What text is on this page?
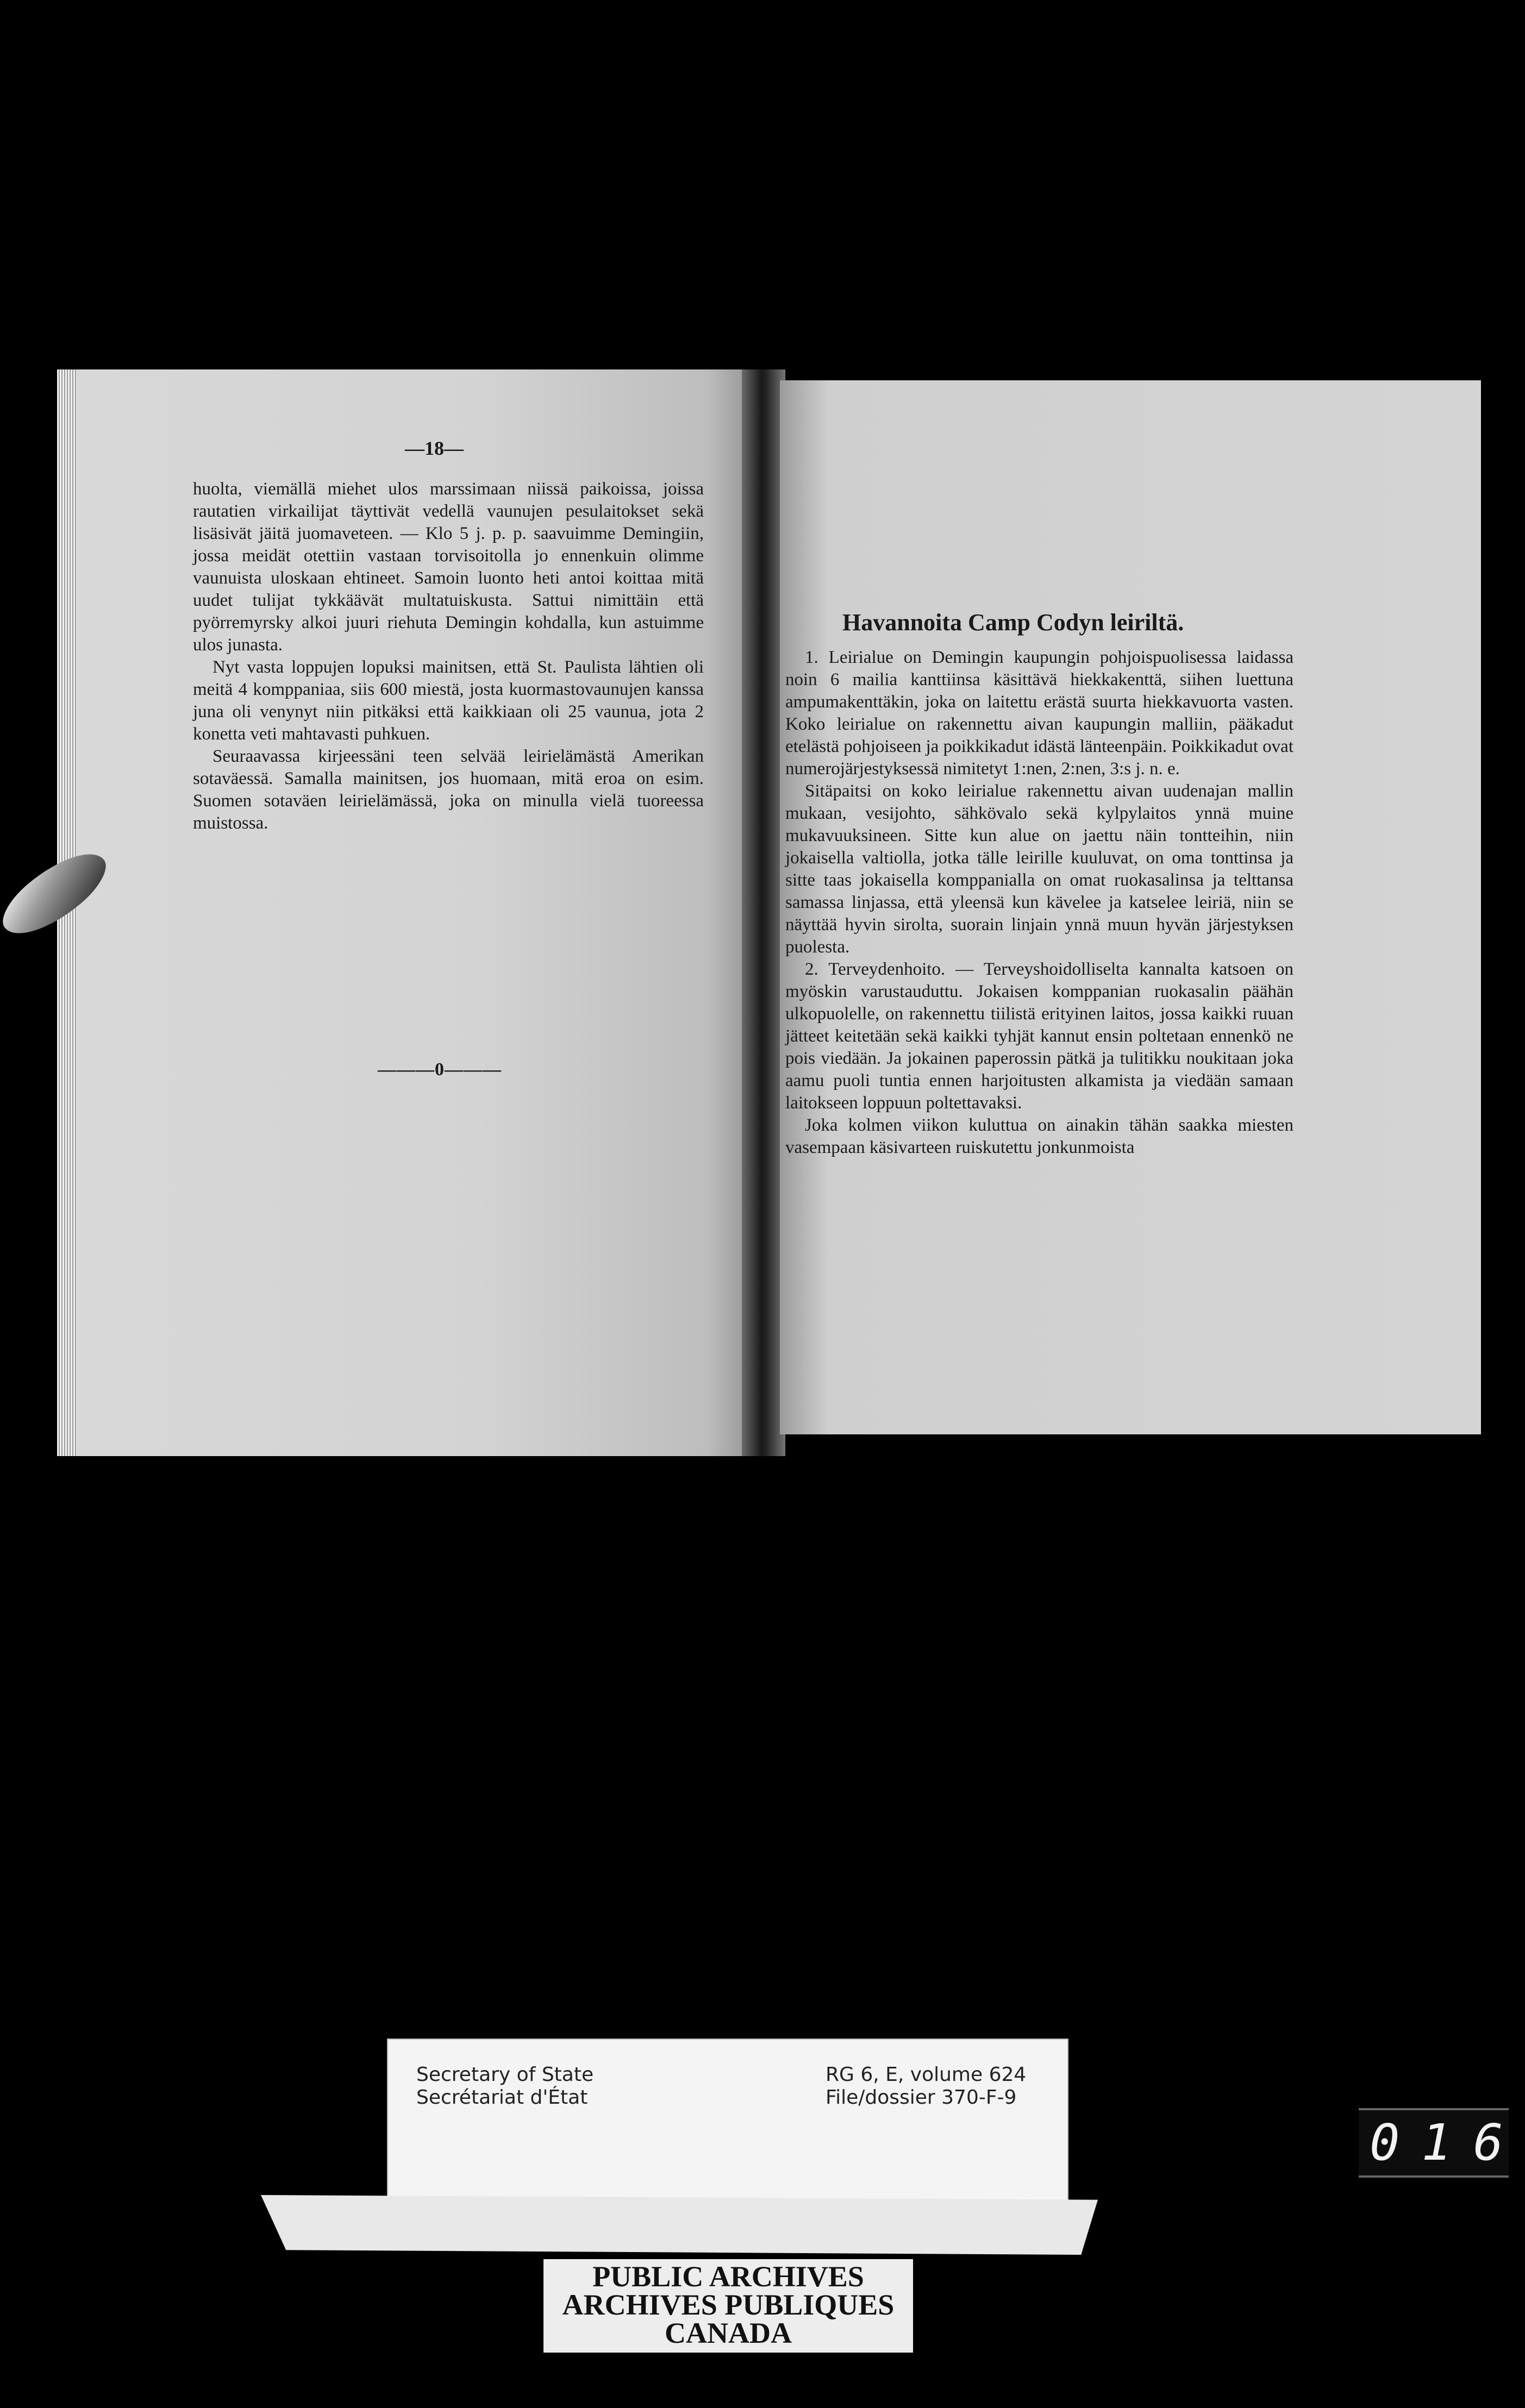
—18—

huolta, viemällä miehet ulos marssimaan niissä paikoissa, joissa rautatien virkailijat täyttivät vedellä vaunujen pesulaitokset sekä lisäsivät jäitä juomaveteen. — Klo 5 j. p. p. saavuimme Demingiin, jossa meidät otettiin vastaan torvisoitolla jo ennenkuin olimme vaunuista uloskaan ehtineet. Samoin luonto heti antoi koittaa mitä uudet tulijat tykkäävät multatuiskusta. Sattui nimittäin että pyörremyrsky alkoi juuri riehuta Demingin kohdalla, kun astuimme ulos junasta.

Nyt vasta loppujen lopuksi mainitsen, että St. Paulista lähtien oli meitä 4 komppaniaa, siis 600 miestä, josta kuormastovaunujen kanssa juna oli venynyt niin pitkäksi että kaikkiaan oli 25 vaunua, jota 2 konetta veti mahtavasti puhkuen.

Seuraavassa kirjeessäni teen selvää leirielämästä Amerikan sotaväessä. Samalla mainitsen, jos huomaan, mitä eroa on esim. Suomen sotaväen leirielämässä, joka on minulla vielä tuoreessa muistossa.

———0———
Havannoita Camp Codyn leiriltä.

1. Leirialue on Demingin kaupungin pohjoispuolisessa laidassa noin 6 mailia kanttiinsa käsittävä hiekkakenttä, siihen luettuna ampumakenttäkin, joka on laitettu erästä suurta hiekkavuorta vasten. Koko leirialue on rakennettu aivan kaupungin malliin, pääkadut etelästä pohjoiseen ja poikkikadut idästä länteenpäin. Poikkikadut ovat numerojärjestyksessä nimitetyt 1:nen, 2:nen, 3:s j. n. e.

Sitäpaitsi on koko leirialue rakennettu aivan uudenajan mallin mukaan, vesijohto, sähkövalo sekä kylpylaitos ynnä muine mukavuuksineen. Sitte kun alue on jaettu näin tontteihin, niin jokaisella valtiolla, jotka tälle leirille kuuluvat, on oma tonttinsa ja sitte taas jokaisella komppanialla on omat ruokasalinsa ja telttansa samassa linjassa, että yleensä kun kävelee ja katselee leiriä, niin se näyttää hyvin sirolta, suorain linjain ynnä muun hyvän järjestyksen puolesta.

2. Terveydenhoito. — Terveyshoidolliselta kannalta katsoen on myöskin varustauduttu. Jokaisen komppanian ruokasalin päähän ulkopuolelle, on rakennettu tiilistä erityinen laitos, jossa kaikki ruuan jätteet keitetään sekä kaikki tyhjät kannut ensin poltetaan ennenkö ne pois viedään. Ja jokainen paperossin pätkä ja tulitikku noukitaan joka aamu puoli tuntia ennen harjoitusten alkamista ja viedään samaan laitokseen loppuun poltettavaksi.

Joka kolmen viikon kuluttua on ainakin tähän saakka miesten vasempaan käsivarteen ruiskutettu jonkunmoista

Secretary of State
Secrétariat d'État
RG 6, E, volume 624
File/dossier 370-F-9
PUBLIC ARCHIVES
ARCHIVES PUBLIQUES
CANADA
016
